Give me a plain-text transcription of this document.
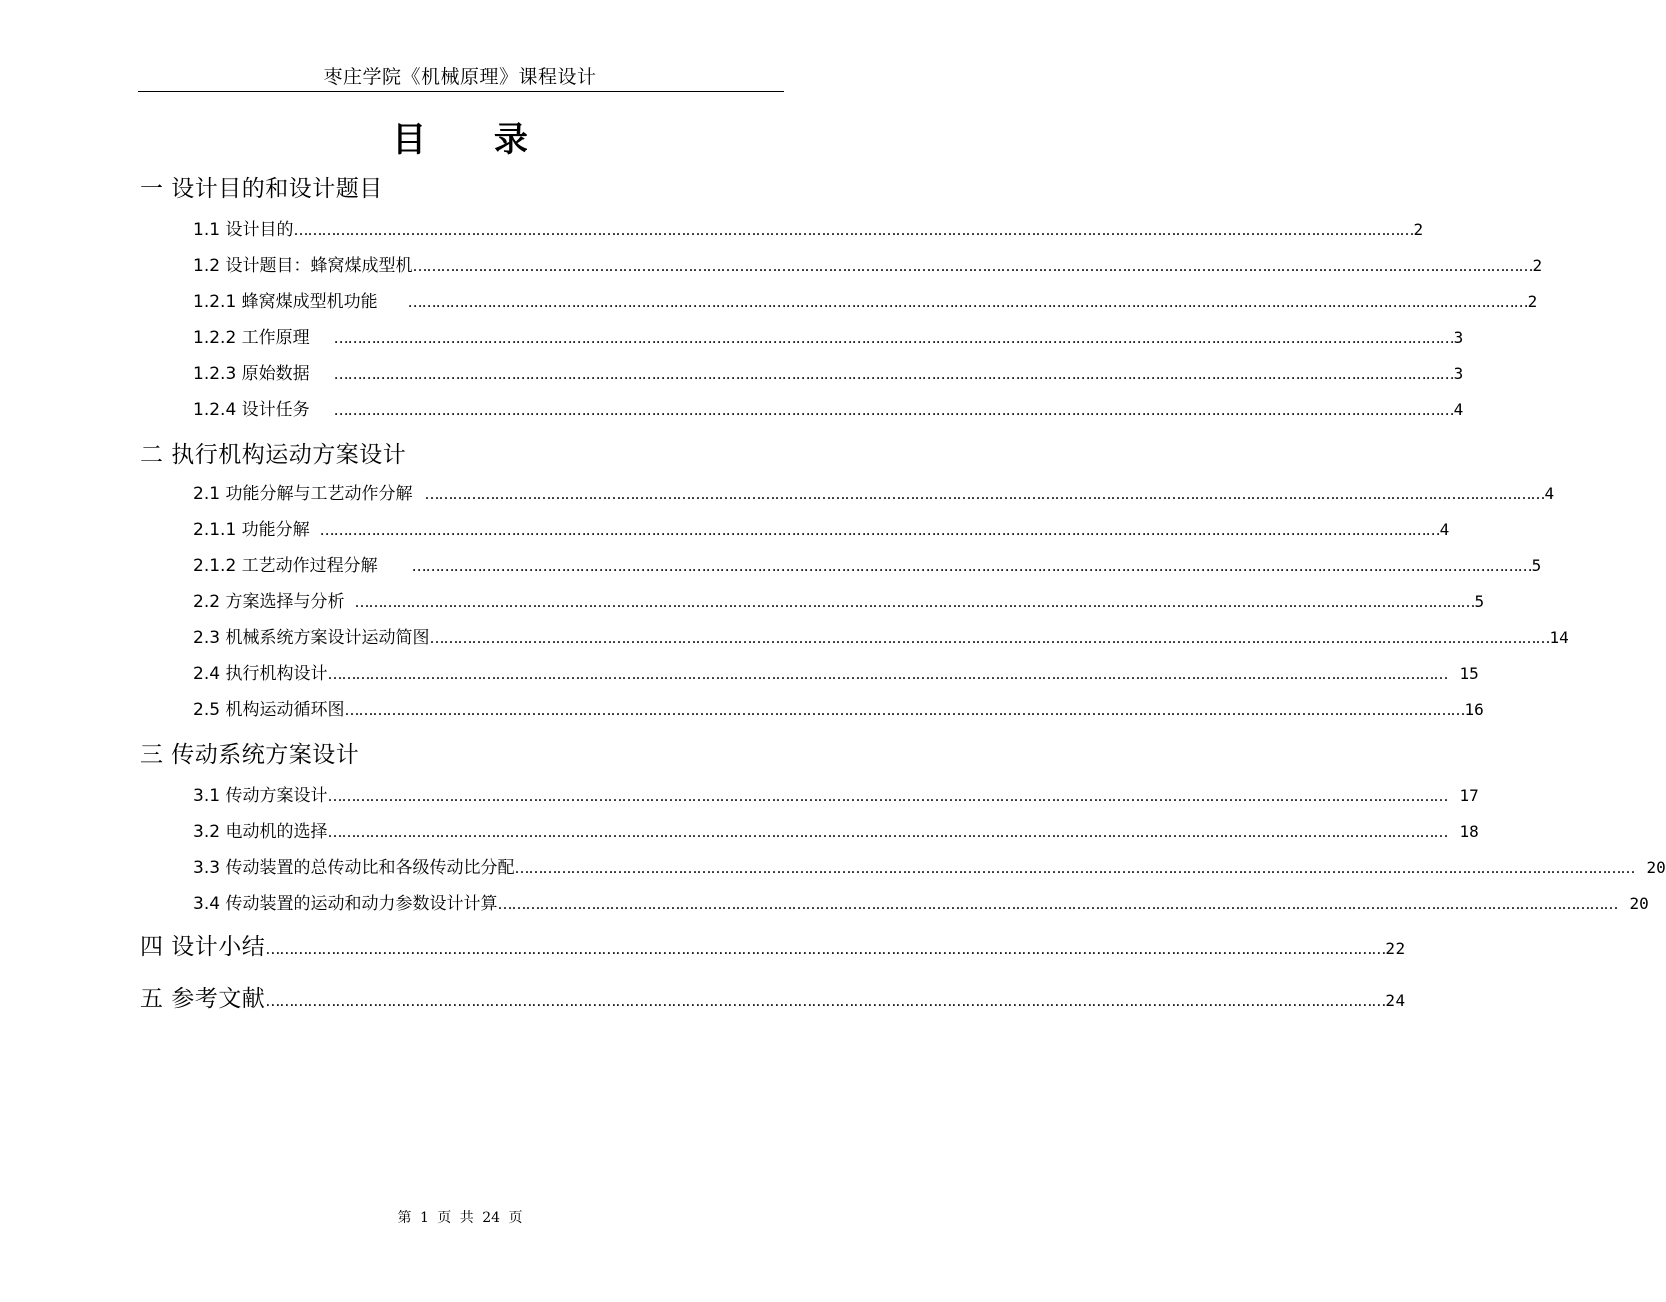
枣庄学院《机械原理》课程设计
目 录
一 设计目的和设计题目
1.1 设计目的 …………………………………………………………………………………………………………………………………………………………………………………………………………………… 2
1.2 设计题目：蜂窝煤成型机 …………………………………………………………………………………………………………………………………………………………………………………………………………………… 2
1.2.1 蜂窝煤成型机功能 …………………………………………………………………………………………………………………………………………………………………………………………………………………… 2
1.2.2 工作原理 …………………………………………………………………………………………………………………………………………………………………………………………………………………… 3
1.2.3 原始数据 …………………………………………………………………………………………………………………………………………………………………………………………………………………… 3
1.2.4 设计任务 …………………………………………………………………………………………………………………………………………………………………………………………………………………… 4
二 执行机构运动方案设计
2.1 功能分解与工艺动作分解 …………………………………………………………………………………………………………………………………………………………………………………………………………………… 4
2.1.1 功能分解 …………………………………………………………………………………………………………………………………………………………………………………………………………………… 4
2.1.2 工艺动作过程分解 …………………………………………………………………………………………………………………………………………………………………………………………………………………… 5
2.2 方案选择与分析 …………………………………………………………………………………………………………………………………………………………………………………………………………………… 5
2.3 机械系统方案设计运动简图 …………………………………………………………………………………………………………………………………………………………………………………………………………………… 14
2.4 执行机构设计 …………………………………………………………………………………………………………………………………………………………………………………………………………………… 15
2.5 机构运动循环图 …………………………………………………………………………………………………………………………………………………………………………………………………………………… 16
三 传动系统方案设计
3.1 传动方案设计 …………………………………………………………………………………………………………………………………………………………………………………………………………………… 17
3.2 电动机的选择 …………………………………………………………………………………………………………………………………………………………………………………………………………………… 18
3.3 传动装置的总传动比和各级传动比分配 …………………………………………………………………………………………………………………………………………………………………………………………………………………… 20
3.4 传动装置的运动和动力参数设计计算 …………………………………………………………………………………………………………………………………………………………………………………………………………………… 20
四 设计小结 …………………………………………………………………………………………………………………………………………………………………………………………………………………… 22
五 参考文献 …………………………………………………………………………………………………………………………………………………………………………………………………………………… 24
第 1 页 共 24 页
